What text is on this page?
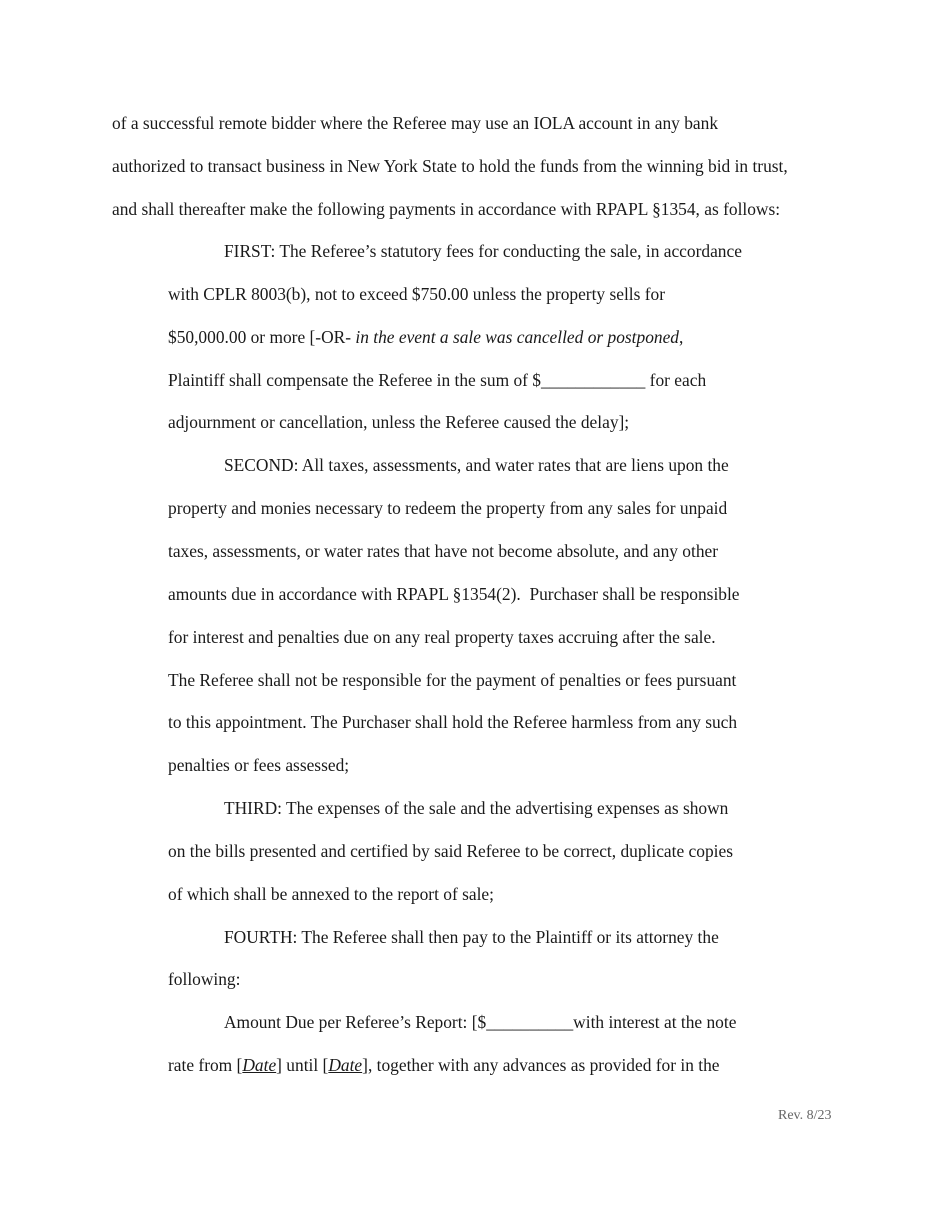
of a successful remote bidder where the Referee may use an IOLA account in any bank
authorized to transact business in New York State to hold the funds from the winning bid in trust,
and shall thereafter make the following payments in accordance with RPAPL §1354, as follows:
FIRST: The Referee’s statutory fees for conducting the sale, in accordance
with CPLR 8003(b), not to exceed $750.00 unless the property sells for
$50,000.00 or more [-OR- in the event a sale was cancelled or postponed,
Plaintiff shall compensate the Referee in the sum of $____________ for each
adjournment or cancellation, unless the Referee caused the delay];
SECOND: All taxes, assessments, and water rates that are liens upon the
property and monies necessary to redeem the property from any sales for unpaid
taxes, assessments, or water rates that have not become absolute, and any other
amounts due in accordance with RPAPL §1354(2).  Purchaser shall be responsible
for interest and penalties due on any real property taxes accruing after the sale.
The Referee shall not be responsible for the payment of penalties or fees pursuant
to this appointment. The Purchaser shall hold the Referee harmless from any such
penalties or fees assessed;
THIRD: The expenses of the sale and the advertising expenses as shown
on the bills presented and certified by said Referee to be correct, duplicate copies
of which shall be annexed to the report of sale;
FOURTH: The Referee shall then pay to the Plaintiff or its attorney the
following:
Amount Due per Referee’s Report: [$__________with interest at the note
rate from [Date] until [Date], together with any advances as provided for in the
Rev. 8/23
